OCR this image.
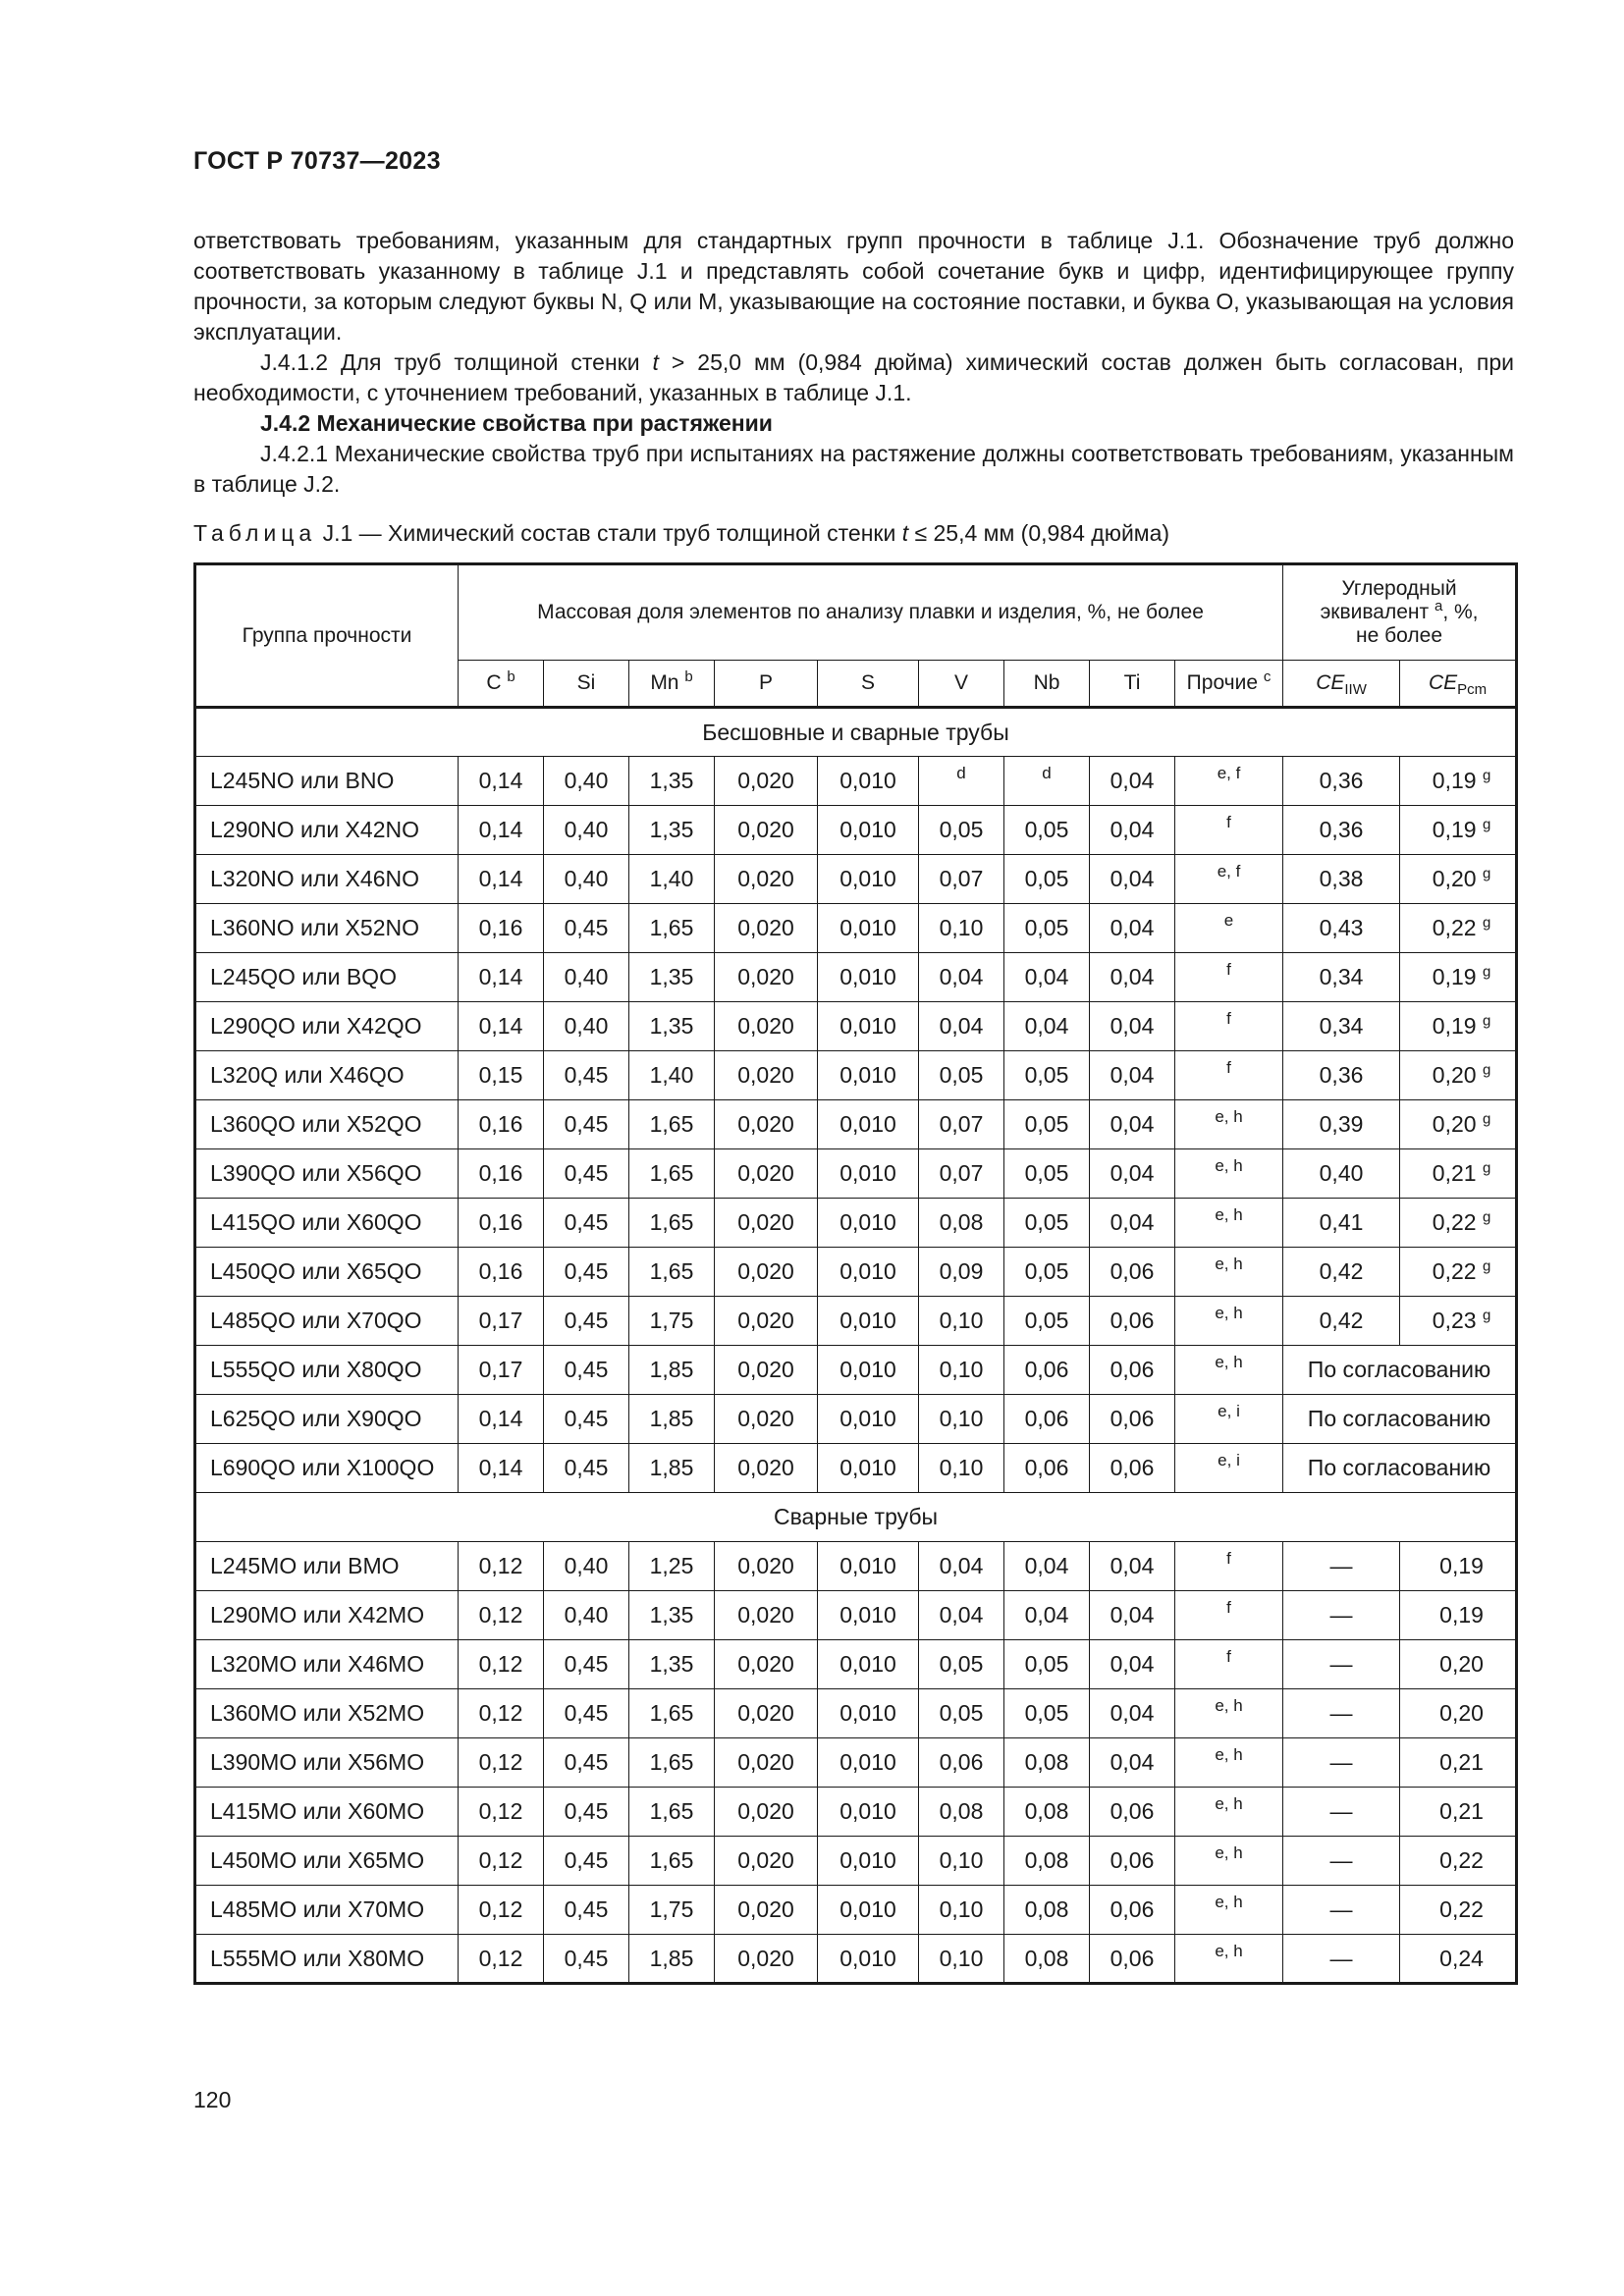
ГОСТ Р 70737—2023

ответствовать требованиям, указанным для стандартных групп прочности в таблице J.1. Обозначение труб должно соответствовать указанному в таблице J.1 и представлять собой сочетание букв и цифр, идентифицирующее группу прочности, за которым следуют буквы N, Q или M, указывающие на состояние поставки, и буква О, указывающая на условия эксплуатации.

J.4.1.2 Для труб толщиной стенки t > 25,0 мм (0,984 дюйма) химический состав должен быть согласован, при необходимости, с уточнением требований, указанных в таблице J.1.

J.4.2 Механические свойства при растяжении

J.4.2.1 Механические свойства труб при испытаниях на растяжение должны соответствовать требованиям, указанным в таблице J.2.

Таблица J.1 — Химический состав стали труб толщиной стенки t ≤ 25,4 мм (0,984 дюйма)
Группа прочности	Массовая доля элементов по анализу плавки и изделия, %, не более									Углеродный
эквивалент $^a$, %,
не более	
	C $^b$	Si	Mn $^b$	P	S	V	Nb	Ti	Прочие $^c$	$CE_{IIW}$	$CE_{Pcm}$
Бесшовные и сварные трубы											
L245NO или BNO	0,14	0,40	1,35	0,020	0,010	d	d	0,04	e, f	0,36	0,19 $^g$
L290NO или X42NO	0,14	0,40	1,35	0,020	0,010	0,05	0,05	0,04	f	0,36	0,19 $^g$
L320NO или X46NO	0,14	0,40	1,40	0,020	0,010	0,07	0,05	0,04	e, f	0,38	0,20 $^g$
L360NO или X52NO	0,16	0,45	1,65	0,020	0,010	0,10	0,05	0,04	e	0,43	0,22 $^g$
L245QO или BQO	0,14	0,40	1,35	0,020	0,010	0,04	0,04	0,04	f	0,34	0,19 $^g$
L290QO или X42QO	0,14	0,40	1,35	0,020	0,010	0,04	0,04	0,04	f	0,34	0,19 $^g$
L320Q или X46QO	0,15	0,45	1,40	0,020	0,010	0,05	0,05	0,04	f	0,36	0,20 $^g$
L360QO или X52QO	0,16	0,45	1,65	0,020	0,010	0,07	0,05	0,04	e, h	0,39	0,20 $^g$
L390QO или X56QO	0,16	0,45	1,65	0,020	0,010	0,07	0,05	0,04	e, h	0,40	0,21 $^g$
L415QO или X60QO	0,16	0,45	1,65	0,020	0,010	0,08	0,05	0,04	e, h	0,41	0,22 $^g$
L450QO или X65QO	0,16	0,45	1,65	0,020	0,010	0,09	0,05	0,06	e, h	0,42	0,22 $^g$
L485QO или X70QO	0,17	0,45	1,75	0,020	0,010	0,10	0,05	0,06	e, h	0,42	0,23 $^g$
L555QO или X80QO	0,17	0,45	1,85	0,020	0,010	0,10	0,06	0,06	e, h	По согласованию	
L625QO или X90QO	0,14	0,45	1,85	0,020	0,010	0,10	0,06	0,06	e, i	По согласованию	
L690QO или X100QO	0,14	0,45	1,85	0,020	0,010	0,10	0,06	0,06	e, i	По согласованию	
Сварные трубы											
L245MO или BMO	0,12	0,40	1,25	0,020	0,010	0,04	0,04	0,04	f	—	0,19
L290MO или X42MO	0,12	0,40	1,35	0,020	0,010	0,04	0,04	0,04	f	—	0,19
L320MO или X46MO	0,12	0,45	1,35	0,020	0,010	0,05	0,05	0,04	f	—	0,20
L360MO или X52MO	0,12	0,45	1,65	0,020	0,010	0,05	0,05	0,04	e, h	—	0,20
L390MO или X56MO	0,12	0,45	1,65	0,020	0,010	0,06	0,08	0,04	e, h	—	0,21
L415MO или X60MO	0,12	0,45	1,65	0,020	0,010	0,08	0,08	0,06	e, h	—	0,21
L450MO или X65MO	0,12	0,45	1,65	0,020	0,010	0,10	0,08	0,06	e, h	—	0,22
L485MO или X70MO	0,12	0,45	1,75	0,020	0,010	0,10	0,08	0,06	e, h	—	0,22
L555MO или X80MO	0,12	0,45	1,85	0,020	0,010	0,10	0,08	0,06	e, h	—	0,24
120
